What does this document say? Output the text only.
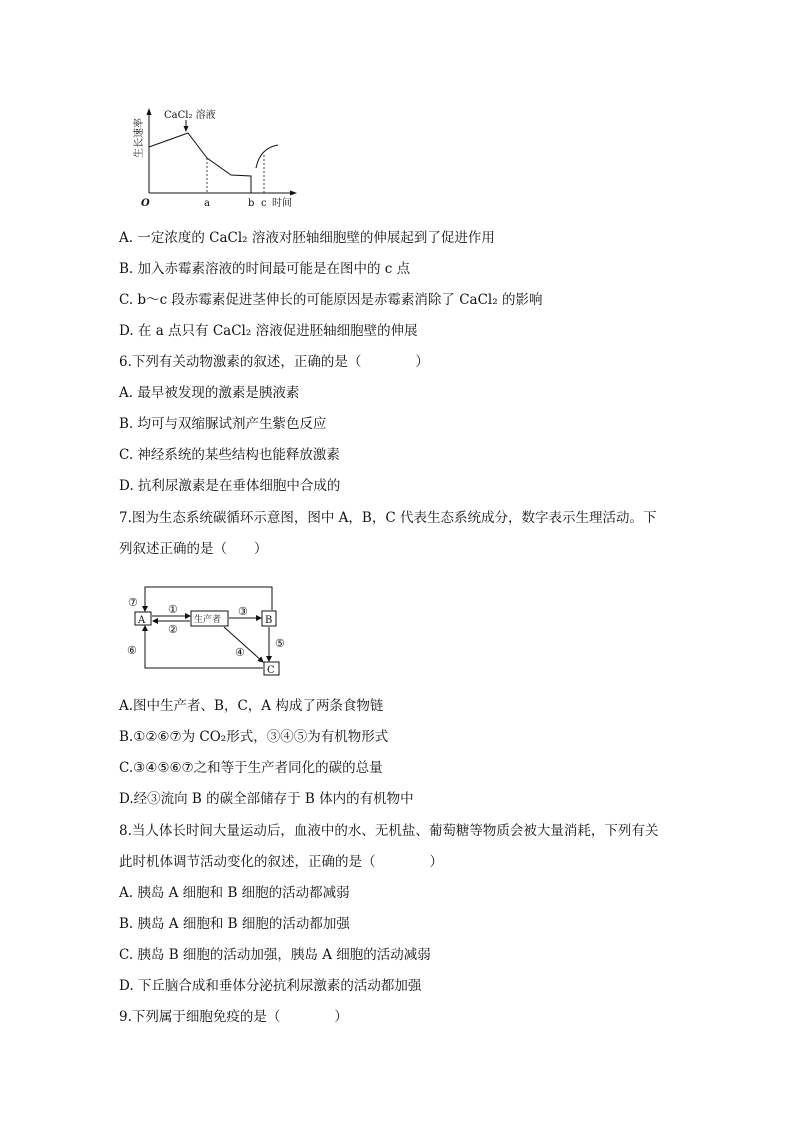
CaCl₂ 溶液
生长速率
O	a	b c 时间
A. 一定浓度的 CaCl₂ 溶液对胚轴细胞壁的伸展起到了促进作用
B. 加入赤霉素溶液的时间最可能是在图中的 c 点
C. b～c 段赤霉素促进茎伸长的可能原因是赤霉素消除了 CaCl₂ 的影响
D. 在 a 点只有 CaCl₂ 溶液促进胚轴细胞壁的伸展
6.下列有关动物激素的叙述，正确的是（　　　　）
A. 最早被发现的激素是胰液素
B. 均可与双缩脲试剂产生紫色反应
C. 神经系统的某些结构也能释放激素
D. 抗利尿激素是在垂体细胞中合成的
7.图为生态系统碳循环示意图，图中 A，B，C 代表生态系统成分，数字表示生理活动。下
列叙述正确的是（　　）
A	生产者	B
C
①
②
③
④
⑤
⑥
⑦
A.图中生产者、B，C，A 构成了两条食物链
B.①②⑥⑦为 CO₂形式，③④⑤为有机物形式
C.③④⑤⑥⑦之和等于生产者同化的碳的总量
D.经③流向 B 的碳全部储存于 B 体内的有机物中
8.当人体长时间大量运动后，血液中的水、无机盐、葡萄糖等物质会被大量消耗，下列有关
此时机体调节活动变化的叙述，正确的是（　　　　）
A. 胰岛 A 细胞和 B 细胞的活动都减弱
B. 胰岛 A 细胞和 B 细胞的活动都加强
C. 胰岛 B 细胞的活动加强，胰岛 A 细胞的活动减弱
D. 下丘脑合成和垂体分泌抗利尿激素的活动都加强
9.下列属于细胞免疫的是（　　　　）
